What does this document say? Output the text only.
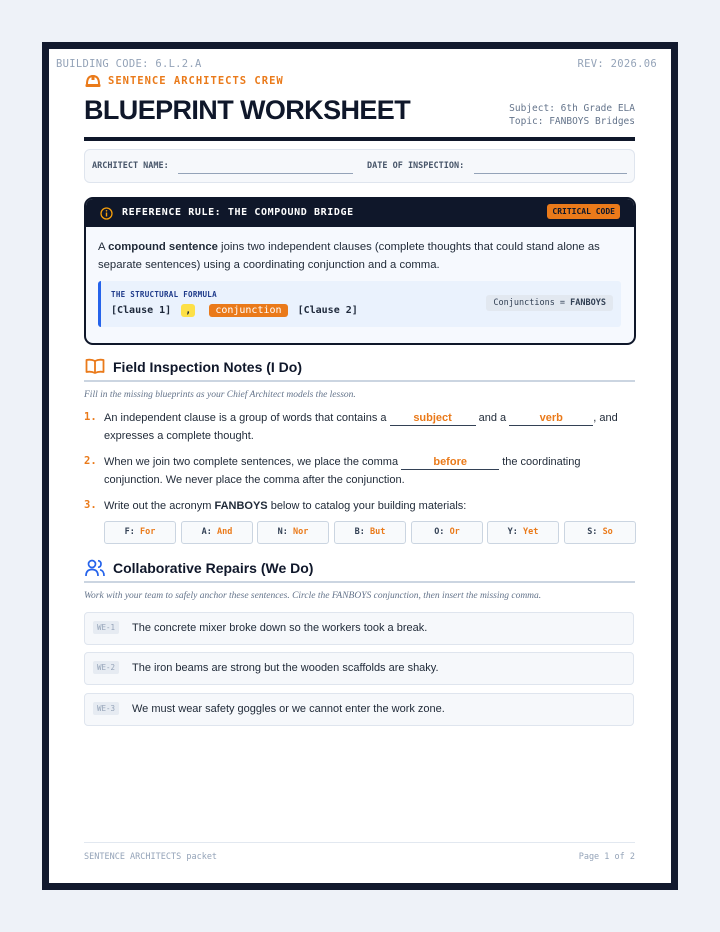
BUILDING CODE: 6.L.2.A	REV: 2026.06
SENTENCE ARCHITECTS CREW
BLUEPRINT WORKSHEET	Subject: 6th Grade ELA
Topic: FANBOYS Bridges
ARCHITECT NAME:	DATE OF INSPECTION:
REFERENCE RULE: THE COMPOUND BRIDGE	CRITICAL CODE
A compound sentence joins two independent clauses (complete thoughts that could stand alone as separate sentences) using a coordinating conjunction and a comma.
THE STRUCTURAL FORMULA
[Clause 1] , conjunction [Clause 2]
Conjunctions = FANBOYS
Field Inspection Notes (I Do)
Fill in the missing blueprints as your Chief Architect models the lesson.
1. An independent clause is a group of words that contains a subject and a	verb	, and
expresses a complete thought.
2. When we join two complete sentences, we place the comma	before	the coordinating
conjunction. We never place the comma after the conjunction.
3. Write out the acronym FANBOYS below to catalog your building materials:
F: For	A: And	N: Nor	B: But	O: Or	Y: Yet	S: So
Collaborative Repairs (We Do)
Work with your team to safely anchor these sentences. Circle the FANBOYS conjunction, then insert the missing comma.
WE-1	The concrete mixer broke down so the workers took a break.
WE-2	The iron beams are strong but the wooden scaffolds are shaky.
WE-3	We must wear safety goggles or we cannot enter the work zone.
SENTENCE ARCHITECTS packet	Page 1 of 2
